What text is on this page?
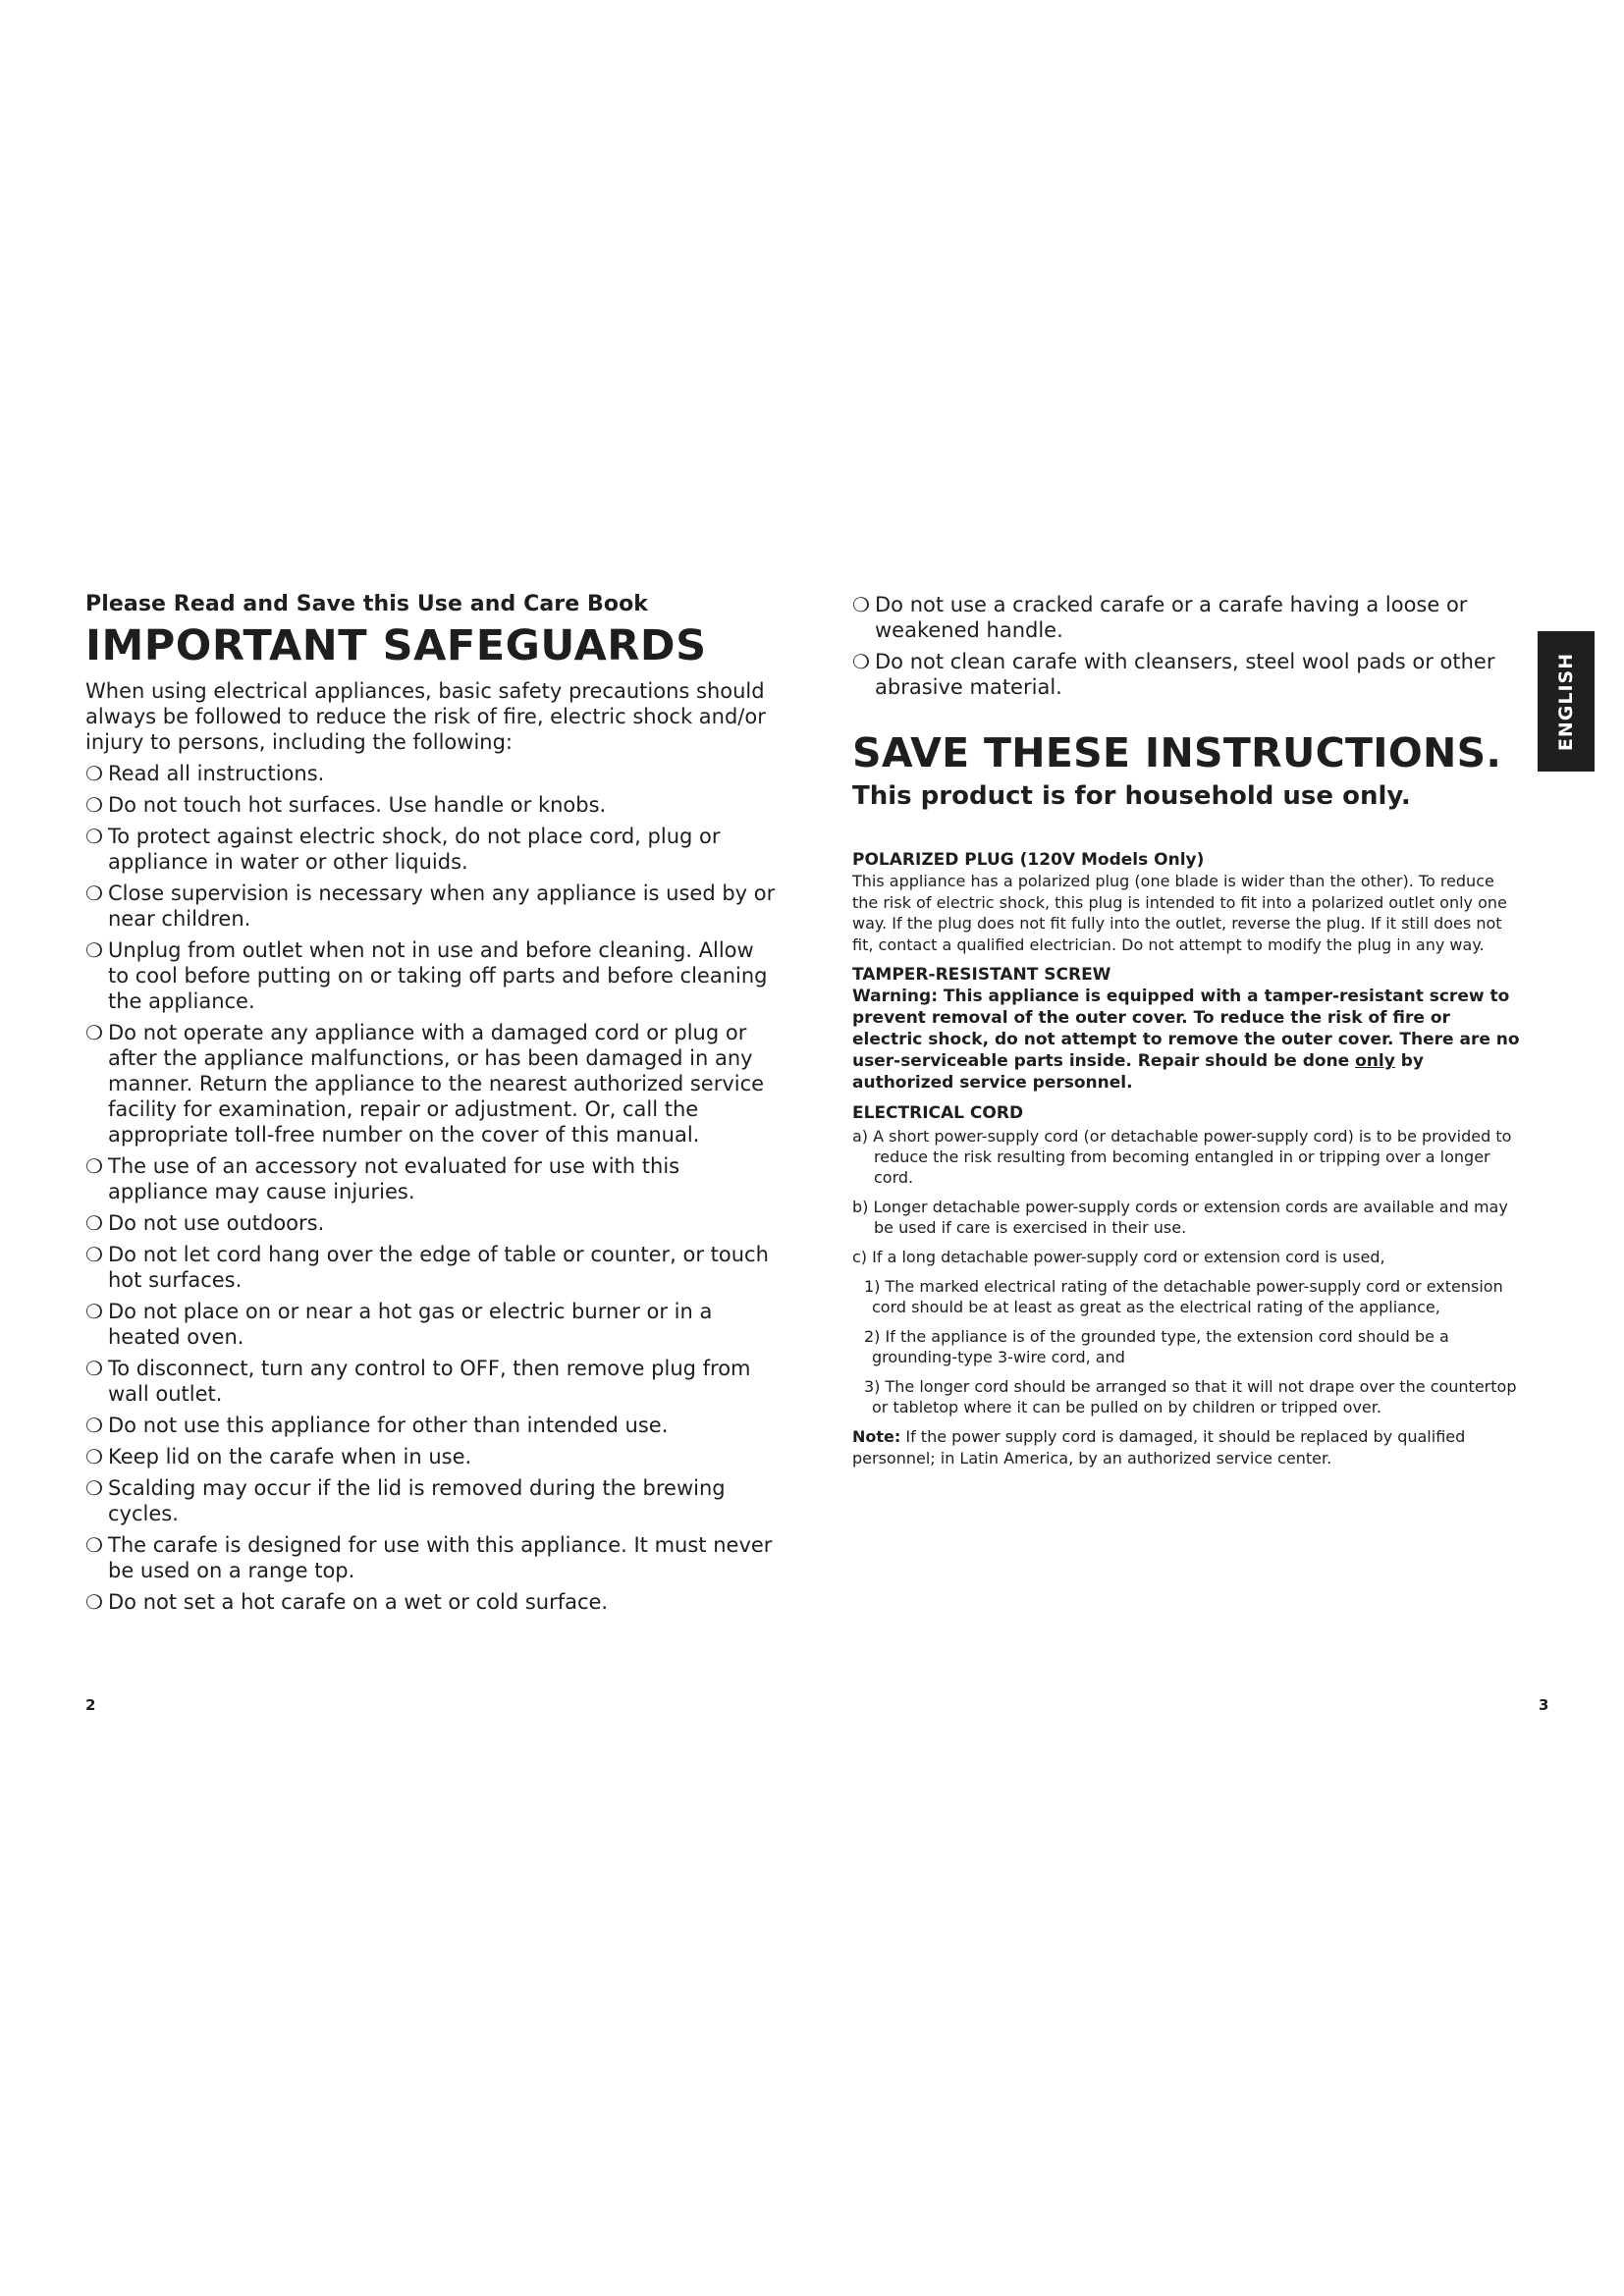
Please Read and Save this Use and Care Book
IMPORTANT SAFEGUARDS
When using electrical appliances, basic safety precautions should always be followed to reduce the risk of fire, electric shock and/or injury to persons, including the following:
❍ Read all instructions.
❍ Do not touch hot surfaces. Use handle or knobs.
❍ To protect against electric shock, do not place cord, plug or appliance in water or other liquids.
❍ Close supervision is necessary when any appliance is used by or near children.
❍ Unplug from outlet when not in use and before cleaning. Allow to cool before putting on or taking off parts and before cleaning the appliance.
❍ Do not operate any appliance with a damaged cord or plug or after the appliance malfunctions, or has been damaged in any manner. Return the appliance to the nearest authorized service facility for examination, repair or adjustment. Or, call the appropriate toll-free number on the cover of this manual.
❍ The use of an accessory not evaluated for use with this appliance may cause injuries.
❍ Do not use outdoors.
❍ Do not let cord hang over the edge of table or counter, or touch hot surfaces.
❍ Do not place on or near a hot gas or electric burner or in a heated oven.
❍ To disconnect, turn any control to OFF, then remove plug from wall outlet.
❍ Do not use this appliance for other than intended use.
❍ Keep lid on the carafe when in use.
❍ Scalding may occur if the lid is removed during the brewing cycles.
❍ The carafe is designed for use with this appliance. It must never be used on a range top.
❍ Do not set a hot carafe on a wet or cold surface.
❍ Do not use a cracked carafe or a carafe having a loose or weakened handle.
❍ Do not clean carafe with cleansers, steel wool pads or other abrasive material.
SAVE THESE INSTRUCTIONS.
This product is for household use only.
POLARIZED PLUG (120V Models Only)
This appliance has a polarized plug (one blade is wider than the other). To reduce the risk of electric shock, this plug is intended to fit into a polarized outlet only one way. If the plug does not fit fully into the outlet, reverse the plug. If it still does not fit, contact a qualified electrician. Do not attempt to modify the plug in any way.
TAMPER-RESISTANT SCREW
Warning: This appliance is equipped with a tamper-resistant screw to prevent removal of the outer cover. To reduce the risk of fire or electric shock, do not attempt to remove the outer cover. There are no user-serviceable parts inside. Repair should be done only by authorized service personnel.
ELECTRICAL CORD
a) A short power-supply cord (or detachable power-supply cord) is to be provided to reduce the risk resulting from becoming entangled in or tripping over a longer cord.
b) Longer detachable power-supply cords or extension cords are available and may be used if care is exercised in their use.
c) If a long detachable power-supply cord or extension cord is used,
1) The marked electrical rating of the detachable power-supply cord or extension cord should be at least as great as the electrical rating of the appliance,
2) If the appliance is of the grounded type, the extension cord should be a grounding-type 3-wire cord, and
3) The longer cord should be arranged so that it will not drape over the countertop or tabletop where it can be pulled on by children or tripped over.
Note: If the power supply cord is damaged, it should be replaced by qualified personnel; in Latin America, by an authorized service center.
ENGLISH
2	3
